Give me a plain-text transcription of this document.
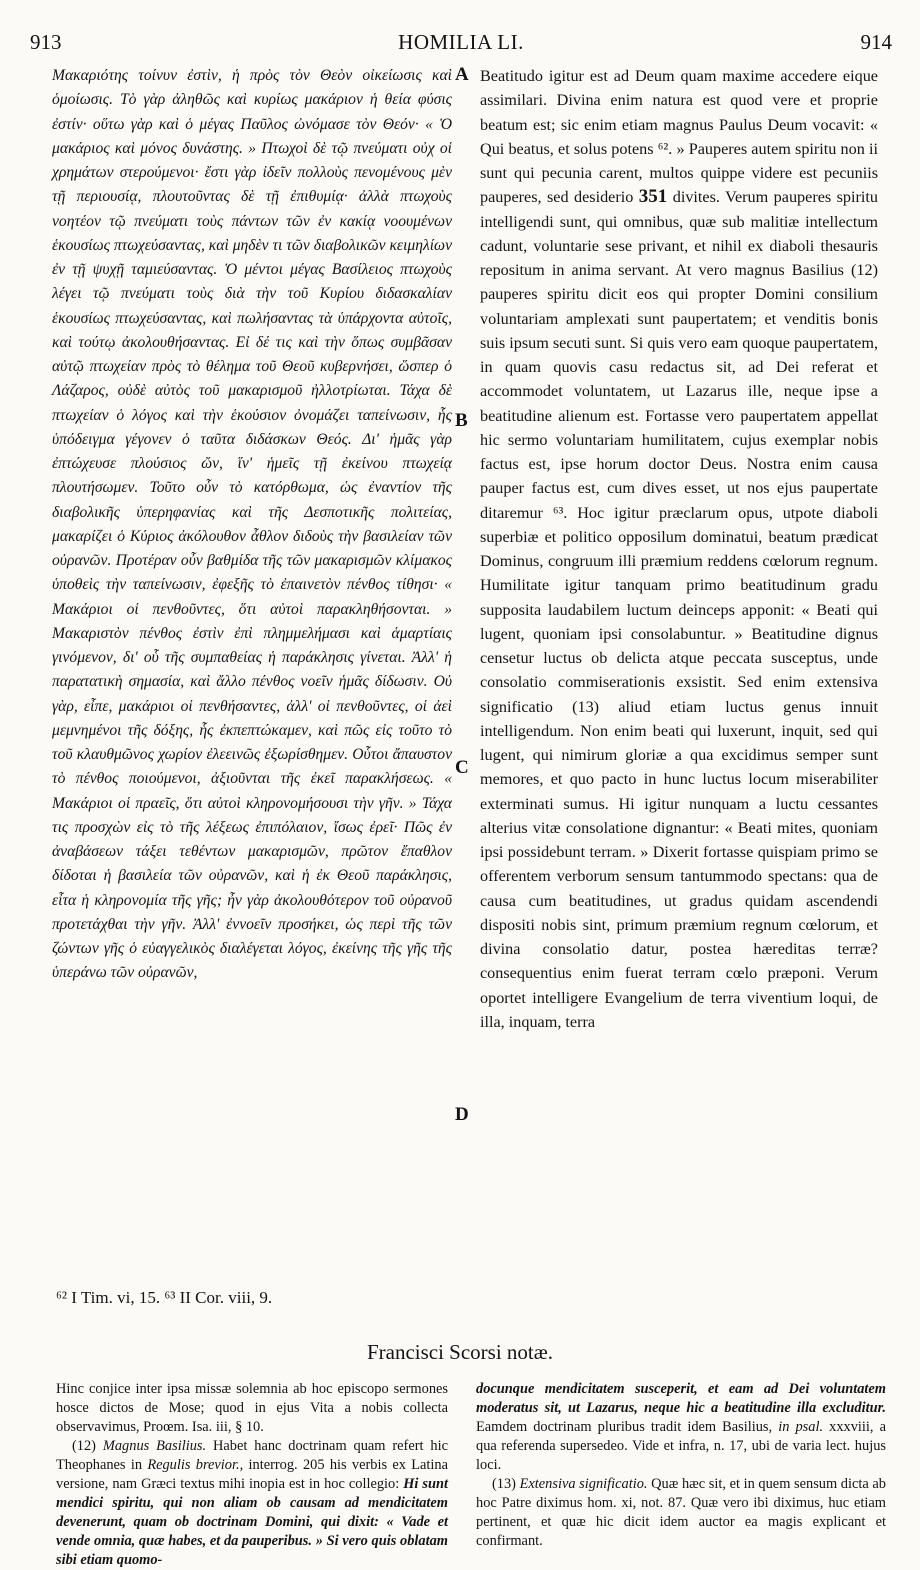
HOMILIA LI.
913	914

Μακαριότης τοίνυν ἐστὶν, ἡ πρὸς τὸν Θεὸν οἰκείωσις καὶ ὁμοίωσις. Τὸ γὰρ ἀληθῶς καὶ κυρίως μακάριον ἡ θεία φύσις ἐστίν· οὕτω γὰρ καὶ ὁ μέγας Παῦλος ὠνόμασε τὸν Θεόν· « Ὁ μακάριος καὶ μόνος δυνάστης. » Πτωχοὶ δὲ τῷ πνεύματι οὐχ οἱ χρημάτων στερούμενοι· ἔστι γὰρ ἰδεῖν πολλοὺς πενομένους μὲν τῇ περιουσίᾳ, πλουτοῦντας δὲ τῇ ἐπιθυμίᾳ· ἀλλὰ πτωχοὺς νοητέον τῷ πνεύματι τοὺς πάντων τῶν ἐν κακίᾳ νοουμένων ἑκουσίως πτωχεύσαντας, καὶ μηδὲν τι τῶν διαβολικῶν κειμηλίων ἐν τῇ ψυχῇ ταμιεύσαντας. Ὁ μέντοι μέγας Βασίλειος πτωχοὺς λέγει τῷ πνεύματι τοὺς διὰ τὴν τοῦ Κυρίου διδασκαλίαν ἑκουσίως πτωχεύσαντας, καὶ πωλήσαντας τὰ ὑπάρχοντα αὐτοῖς, καὶ τούτῳ ἀκολουθήσαντας. Εἰ δέ τις καὶ τὴν ὅπως συμβᾶσαν αὐτῷ πτωχείαν πρὸς τὸ θέλημα τοῦ Θεοῦ κυβερνήσει, ὥσπερ ὁ Λάζαρος, οὐδὲ αὐτὸς τοῦ μακαρισμοῦ ἠλλοτρίωται. Τάχα δὲ πτωχείαν ὁ λόγος καὶ τὴν ἑκούσιον ὀνομάζει ταπείνωσιν, ἧς ὑπόδειγμα γέγονεν ὁ ταῦτα διδάσκων Θεός. Δι' ἡμᾶς γὰρ ἐπτώχευσε πλούσιος ὤν, ἵν' ἡμεῖς τῇ ἐκείνου πτωχείᾳ πλουτήσωμεν. Τοῦτο οὖν τὸ κατόρθωμα, ὡς ἐναντίον τῆς διαβολικῆς ὑπερηφανίας καὶ τῆς Δεσποτικῆς πολιτείας, μακαρίζει ὁ Κύριος ἀκόλουθον ἆθλον διδοὺς τὴν βασιλείαν τῶν οὐρανῶν. Προτέραν οὖν βαθμίδα τῆς τῶν μακαρισμῶν κλίμακος ὑποθεὶς τὴν ταπείνωσιν, ἐφεξῆς τὸ ἐπαινετὸν πένθος τίθησι· « Μακάριοι οἱ πενθοῦντες, ὅτι αὐτοὶ παρακληθήσονται. » Μακαριστὸν πένθος ἐστὶν ἐπὶ πλημμελήμασι καὶ ἁμαρτίαις γινόμενον, δι' οὗ τῆς συμπαθείας ἡ παράκλησις γίνεται. Ἀλλ' ἡ παρατατικὴ σημασία, καὶ ἄλλο πένθος νοεῖν ἡμᾶς δίδωσιν. Οὐ γὰρ, εἶπε, μακάριοι οἱ πενθήσαντες, ἀλλ' οἱ πενθοῦντες, οἱ ἀεὶ μεμνημένοι τῆς δόξης, ἧς ἐκπεπτώκαμεν, καὶ πῶς εἰς τοῦτο τὸ τοῦ κλαυθμῶνος χωρίον ἐλεεινῶς ἐξωρίσθημεν. Οὗτοι ἄπαυστον τὸ πένθος ποιούμενοι, ἀξιοῦνται τῆς ἐκεῖ παρακλήσεως. « Μακάριοι οἱ πραεῖς, ὅτι αὐτοὶ κληρονομήσουσι τὴν γῆν. » Τάχα τις προσχὼν εἰς τὸ τῆς λέξεως ἐπιπόλαιον, ἴσως ἐρεῖ· Πῶς ἐν ἀναβάσεων τάξει τεθέντων μακαρισμῶν, πρῶτον ἔπαθλον δίδοται ἡ βασιλεία τῶν οὐρανῶν, καὶ ἡ ἐκ Θεοῦ παράκλησις, εἶτα ἡ κληρονομία τῆς γῆς; ἦν γὰρ ἀκολουθότερον τοῦ οὐρανοῦ προτετάχθαι τὴν γῆν. Ἀλλ' ἐννοεῖν προσήκει, ὡς περὶ τῆς τῶν ζώντων γῆς ὁ εὐαγγελικὸς διαλέγεται λόγος, ἐκείνης τῆς γῆς τῆς ὑπεράνω τῶν οὐρανῶν,

Beatitudo igitur est ad Deum quam maxime accedere eique assimilari. Divina enim natura est quod vere et proprie beatum est; sic enim etiam magnus Paulus Deum vocavit: « Qui beatus, et solus potens ⁶². » Pauperes autem spiritu non ii sunt qui pecunia carent, multos quippe videre est pecuniis pauperes, sed desiderio 351 divites. Verum pauperes spiritu intelligendi sunt, qui omnibus, quæ sub malitiæ intellectum cadunt, voluntarie sese privant, et nihil ex diaboli thesauris repositum in anima servant. At vero magnus Basilius (12) pauperes spiritu dicit eos qui propter Domini consilium voluntariam amplexati sunt paupertatem; et venditis bonis suis ipsum secuti sunt. Si quis vero eam quoque paupertatem, in quam quovis casu redactus sit, ad Dei referat et accommodet voluntatem, ut Lazarus ille, neque ipse a beatitudine alienum est. Fortasse vero paupertatem appellat hic sermo voluntariam humilitatem, cujus exemplar nobis factus est, ipse horum doctor Deus. Nostra enim causa pauper factus est, cum dives esset, ut nos ejus paupertate ditaremur ⁶³. Hoc igitur præclarum opus, utpote diaboli superbiæ et politico opposilum dominatui, beatum prædicat Dominus, congruum illi præmium reddens cœlorum regnum. Humilitate igitur tanquam primo beatitudinum gradu supposita laudabilem luctum deinceps apponit: « Beati qui lugent, quoniam ipsi consolabuntur. » Beatitudine dignus censetur luctus ob delicta atque peccata susceptus, unde consolatio commiserationis exsistit. Sed enim extensiva significatio (13) aliud etiam luctus genus innuit intelligendum. Non enim beati qui luxerunt, inquit, sed qui lugent, qui nimirum gloriæ a qua excidimus semper sunt memores, et quo pacto in hunc luctus locum miserabiliter exterminati sumus. Hi igitur nunquam a luctu cessantes alterius vitæ consolatione dignantur: « Beati mites, quoniam ipsi possidebunt terram. » Dixerit fortasse quispiam primo se offerentem verborum sensum tantummodo spectans: qua de causa cum beatitudines, ut gradus quidam ascendendi dispositi nobis sint, primum præmium regnum cœlorum, et divina consolatio datur, postea hæreditas terræ? consequentius enim fuerat terram cœlo præponi. Verum oportet intelligere Evangelium de terra viventium loqui, de illa, inquam, terra

A
B
C
D
⁶² I Tim. vi, 15. ⁶³ II Cor. viii, 9.
Francisci Scorsi notæ.

Hinc conjice inter ipsa missæ solemnia ab hoc episcopo sermones hosce dictos de Mose; quod in ejus Vita a nobis collecta observavimus, Proœm. Isa. iii, § 10.

(12) Magnus Basilius. Habet hanc doctrinam quam refert hic Theophanes in Regulis brevior., interrog. 205 his verbis ex Latina versione, nam Græci textus mihi inopia est in hoc collegio: Hi sunt mendici spiritu, qui non aliam ob causam ad mendicitatem devenerunt, quam ob doctrinam Domini, qui dixit: « Vade et vende omnia, quæ habes, et da pauperibus. » Si vero quis oblatam sibi etiam quomo-

docunque mendicitatem susceperit, et eam ad Dei voluntatem moderatus sit, ut Lazarus, neque hic a beatitudine illa excluditur. Eamdem doctrinam pluribus tradit idem Basilius, in psal. xxxviii, a qua referenda supersedeo. Vide et infra, n. 17, ubi de varia lect. hujus loci.

(13) Extensiva significatio. Quæ hæc sit, et in quem sensum dicta ab hoc Patre diximus hom. xi, not. 87. Quæ vero ibi diximus, huc etiam pertinent, et quæ hic dicit idem auctor ea magis explicant et confirmant.
